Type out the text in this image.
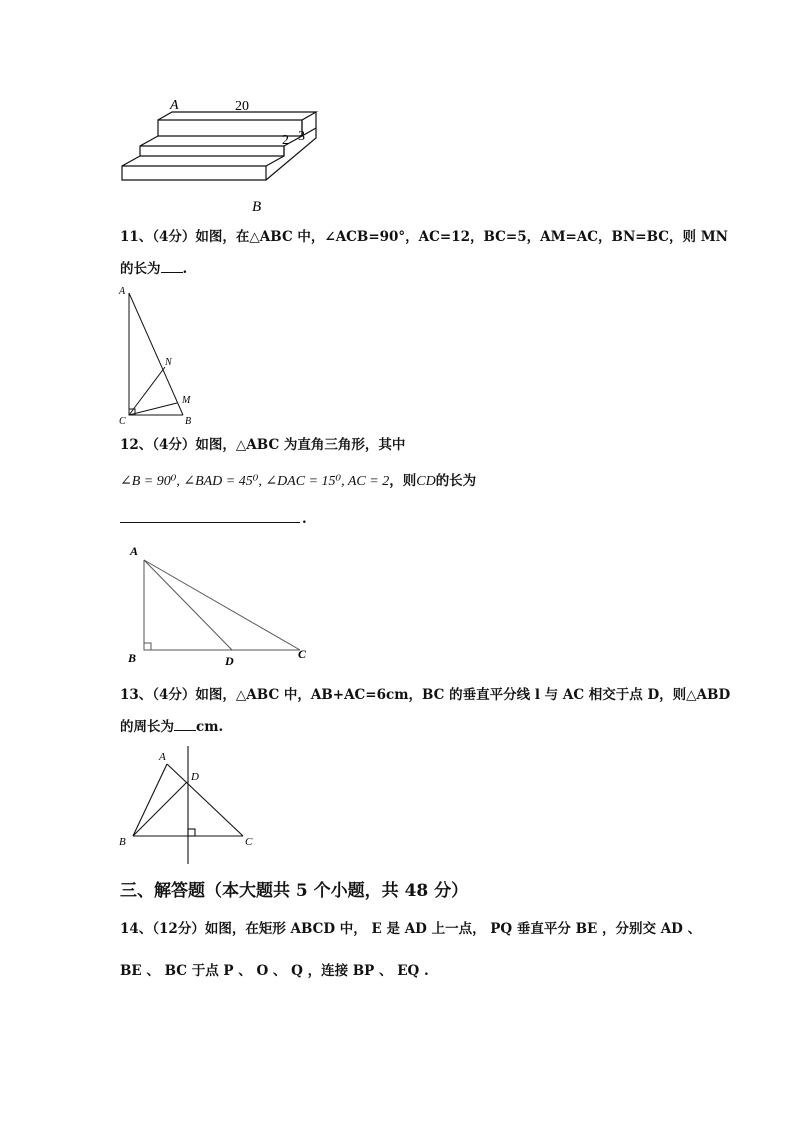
A	20
2 3
B
11、（4分）如图，在△ABC 中，∠ACB=90°，AC=12，BC=5，AM=AC，BN=BC，则 MN
的长为 .
A
N
M
C	B
12、（4分）如图，△ABC 为直角三角形，其中
∠B = 90⁰, ∠BAD = 45⁰, ∠DAC = 15⁰, AC = 2，则CD的长为
.
A
B	D	C
13、（4分）如图，△ABC 中，AB+AC=6cm，BC 的垂直平分线 l 与 AC 相交于点 D，则△ABD
的周长为 cm.
A
D
B	C
三、解答题（本大题共 5 个小题，共 48 分）
14、（12分）如图，在矩形 ABCD 中， E 是 AD 上一点， PQ 垂直平分 BE ，分别交 AD 、
BE 、 BC 于点 P 、 O 、 Q ，连接 BP 、 EQ .
